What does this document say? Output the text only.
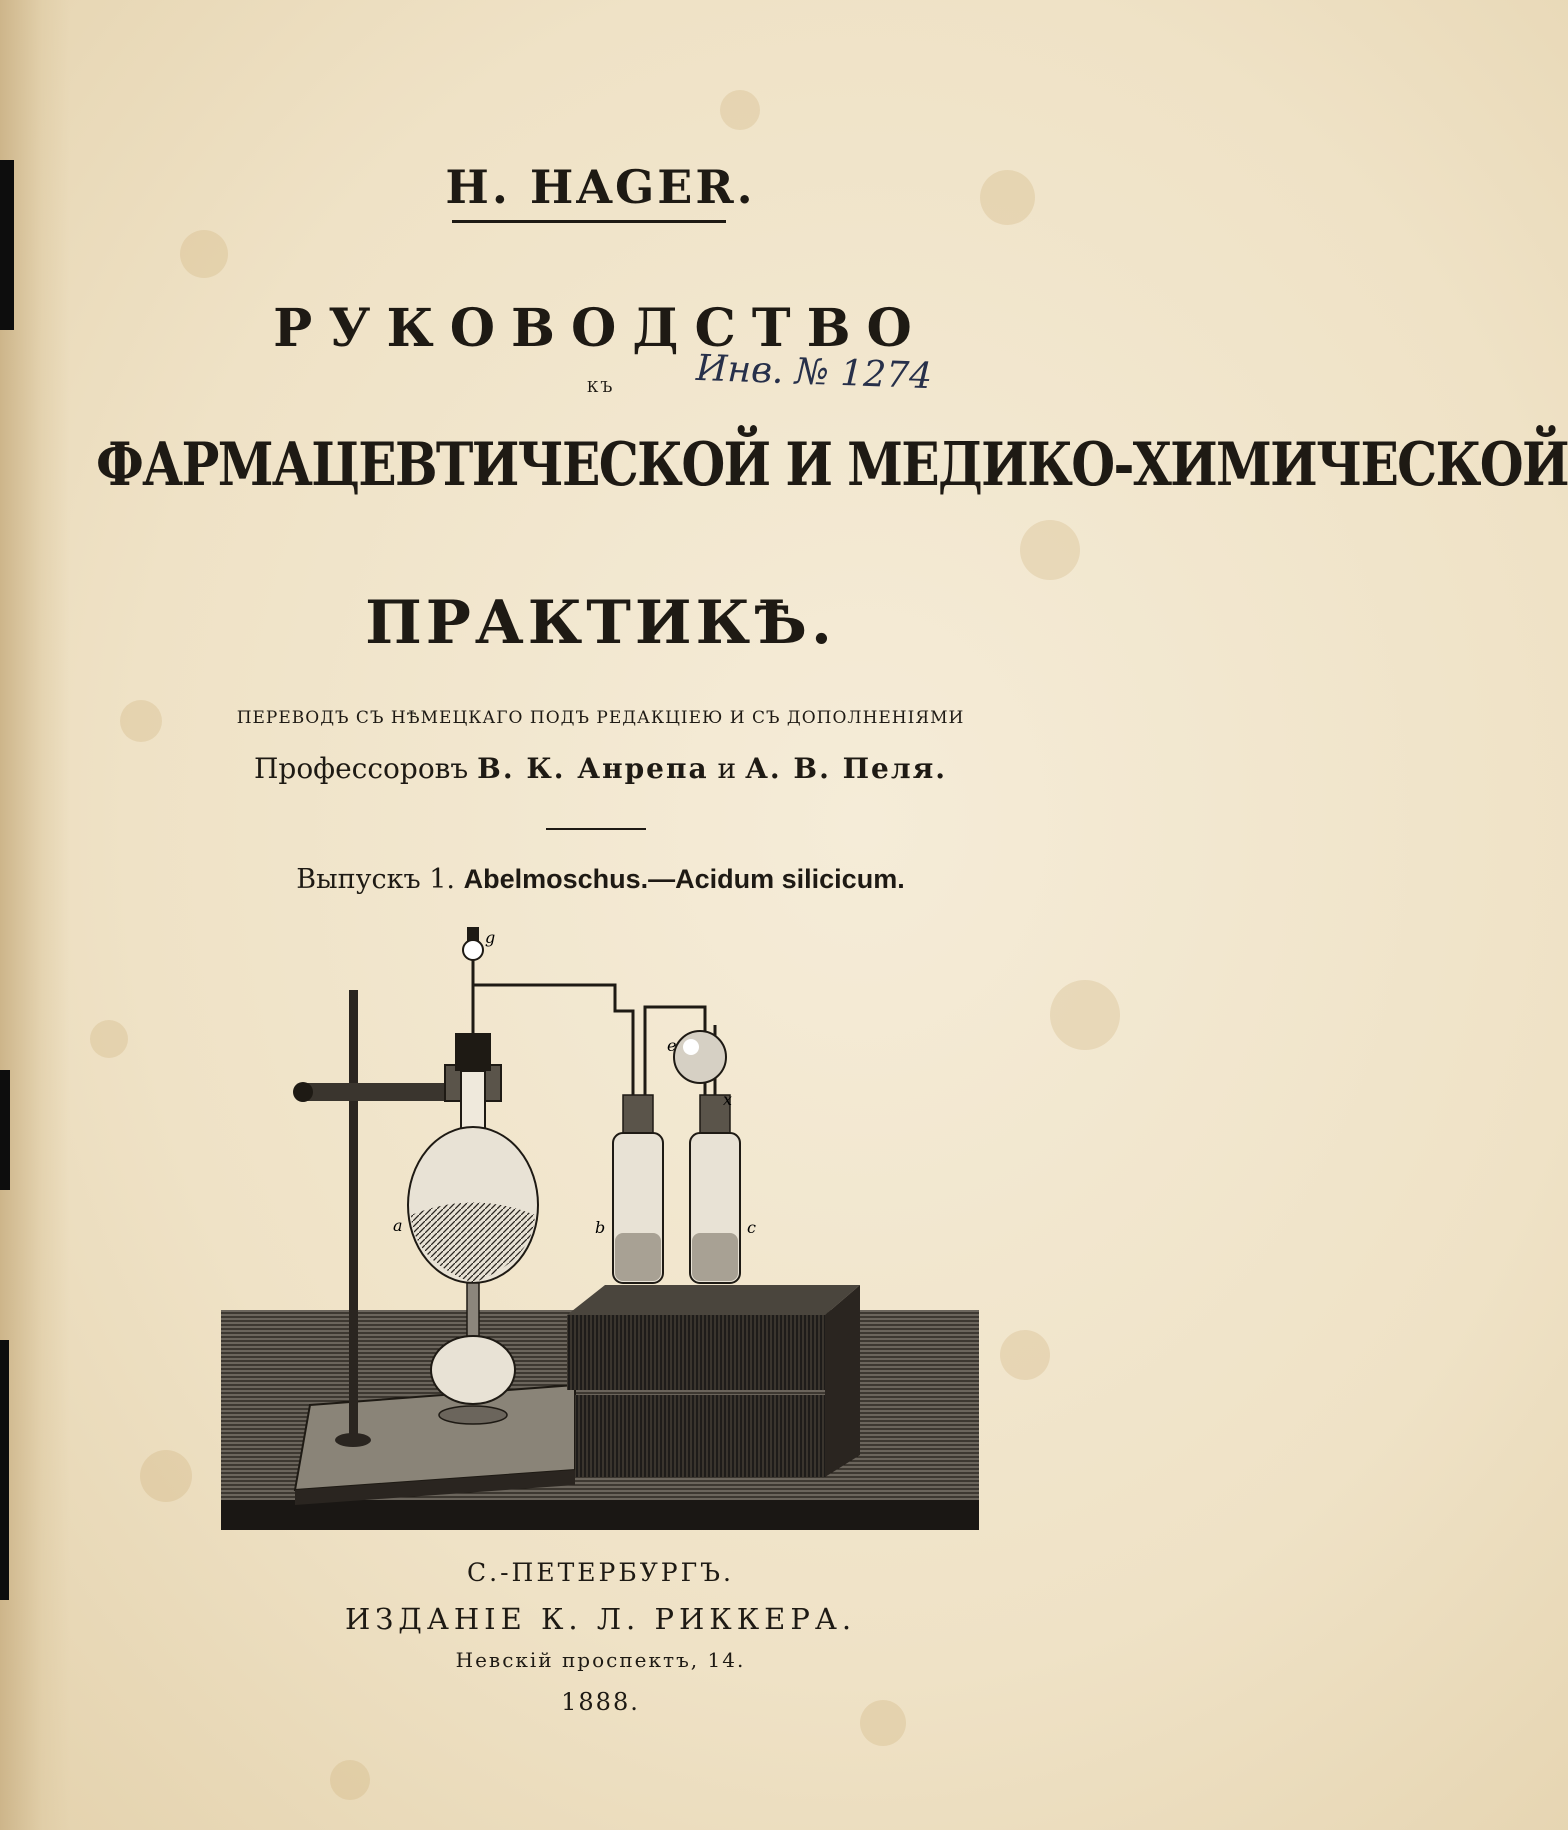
H. HAGER.
РУКОВОДСТВО
КЪ	Инв. № 1274
ФАРМАЦЕВТИЧЕСКОЙ И МЕДИКО-ХИМИЧЕСКОЙ
ПРАКТИКѢ.
ПЕРЕВОДЪ СЪ НѢМЕЦКАГО ПОДЪ РЕДАКЦIЕЮ И СЪ ДОПОЛНЕНIЯМИ
Профессоровъ В. К. Анрепа и А. В. Пеля.
Выпускъ 1. Abelmoschus.—Acidum silicicum.
a	b	c
e
g
x
С.-ПЕТЕРБУРГЪ.
ИЗДАНIЕ К. Л. РИККЕРА.
Невскiй проспектъ, 14.
1888.
